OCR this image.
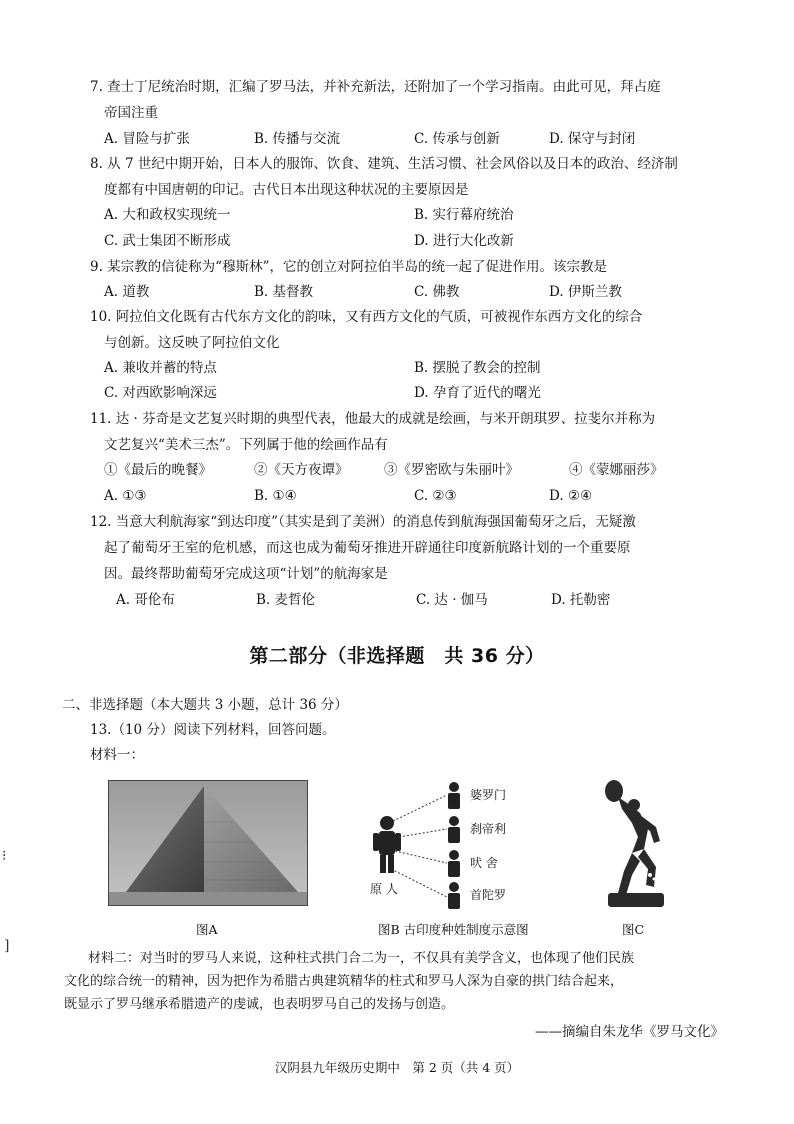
7. 查士丁尼统治时期，汇编了罗马法，并补充新法，还附加了一个学习指南。由此可见，拜占庭
帝国注重
A. 冒险与扩张	B. 传播与交流	C. 传承与创新	D. 保守与封闭
8. 从 7 世纪中期开始，日本人的服饰、饮食、建筑、生活习惯、社会风俗以及日本的政治、经济制
度都有中国唐朝的印记。古代日本出现这种状况的主要原因是
A. 大和政权实现统一	B. 实行幕府统治
C. 武士集团不断形成	D. 进行大化改新
9. 某宗教的信徒称为“穆斯林”，它的创立对阿拉伯半岛的统一起了促进作用。该宗教是
A. 道教	B. 基督教	C. 佛教	D. 伊斯兰教
10. 阿拉伯文化既有古代东方文化的韵味，又有西方文化的气质，可被视作东西方文化的综合
与创新。这反映了阿拉伯文化
A. 兼收并蓄的特点	B. 摆脱了教会的控制
C. 对西欧影响深远	D. 孕育了近代的曙光
11. 达 · 芬奇是文艺复兴时期的典型代表，他最大的成就是绘画，与米开朗琪罗、拉斐尔并称为
文艺复兴“美术三杰”。下列属于他的绘画作品有
①《最后的晚餐》	②《天方夜谭》	③《罗密欧与朱丽叶》	④《蒙娜丽莎》
A. ①③	B. ①④	C. ②③	D. ②④
12. 当意大利航海家“到达印度”（其实是到了美洲）的消息传到航海强国葡萄牙之后，无疑激
起了葡萄牙王室的危机感，而这也成为葡萄牙推进开辟通往印度新航路计划的一个重要原
因。最终帮助葡萄牙完成这项“计划”的航海家是
A. 哥伦布	B. 麦哲伦	C. 达 · 伽马	D. 托勒密
第二部分（非选择题　共 36 分）
二、非选择题（本大题共 3 小题，总计 36 分）
13.（10 分）阅读下列材料，回答问题。
材料一：
图A
婆罗门
刹帝利
吠 舍
首陀罗
原 人
图B 古印度种姓制度示意图	图C
材料二：对当时的罗马人来说，这种柱式拱门合二为一，不仅具有美学含义，也体现了他们民族
文化的综合统一的精神，因为把作为希腊古典建筑精华的柱式和罗马人深为自豪的拱门结合起来，
既显示了罗马继承希腊遗产的虔诚，也表明罗马自己的发扬与创造。
——摘编自朱龙华《罗马文化》
汉阴县九年级历史期中　第 2 页（共 4 页）
⁝
]
